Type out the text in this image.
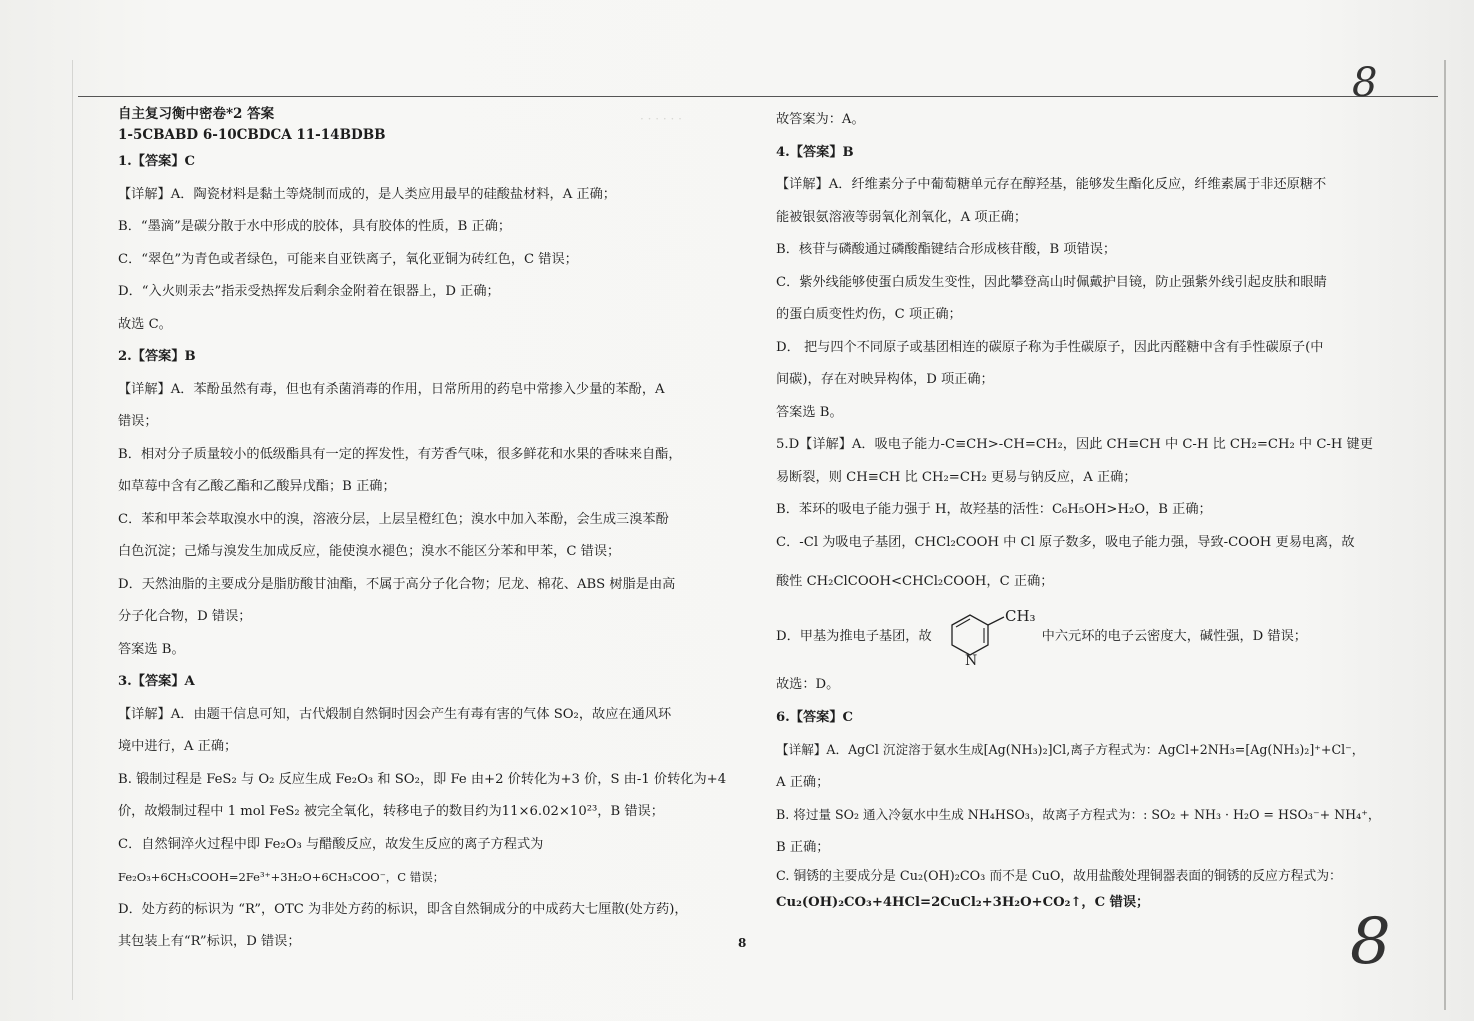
· · · · · ·
8
8

自主复习衡中密卷*2 答案

1-5CBABD 6-10CBDCA 11-14BDBB

1.【答案】C

【详解】A．陶瓷材料是黏土等烧制而成的，是人类应用最早的硅酸盐材料，A 正确；

B．“墨滴”是碳分散于水中形成的胶体，具有胶体的性质，B 正确；

C．“翠色”为青色或者绿色，可能来自亚铁离子，氧化亚铜为砖红色，C 错误；

D．“入火则汞去”指汞受热挥发后剩余金附着在银器上，D 正确；

故选 C。

2.【答案】B

【详解】A．苯酚虽然有毒，但也有杀菌消毒的作用，日常所用的药皂中常掺入少量的苯酚，A

错误；

B．相对分子质量较小的低级酯具有一定的挥发性，有芳香气味，很多鲜花和水果的香味来自酯，

如草莓中含有乙酸乙酯和乙酸异戊酯；B 正确；

C．苯和甲苯会萃取溴水中的溴，溶液分层，上层呈橙红色；溴水中加入苯酚，会生成三溴苯酚

白色沉淀；己烯与溴发生加成反应，能使溴水褪色；溴水不能区分苯和甲苯，C 错误；

D．天然油脂的主要成分是脂肪酸甘油酯，不属于高分子化合物；尼龙、棉花、ABS 树脂是由高

分子化合物，D 错误；

答案选 B。

3.【答案】A

【详解】A．由题干信息可知，古代煅制自然铜时因会产生有毒有害的气体 SO₂，故应在通风环

境中进行，A 正确；

B. 锻制过程是 FeS₂ 与 O₂ 反应生成 Fe₂O₃ 和 SO₂，即 Fe 由+2 价转化为+3 价，S 由-1 价转化为+4

价，故煅制过程中 1 mol FeS₂ 被完全氧化，转移电子的数目约为11×6.02×10²³，B 错误；

C．自然铜淬火过程中即 Fe₂O₃ 与醋酸反应，故发生反应的离子方程式为

Fe₂O₃+6CH₃COOH=2Fe³⁺+3H₂O+6CH₃COO⁻，C 错误；

D．处方药的标识为 “R”，OTC 为非处方药的标识，即含自然铜成分的中成药大七厘散(处方药)，

其包装上有“R”标识，D 错误；

故答案为：A。

4.【答案】B

【详解】A．纤维素分子中葡萄糖单元存在醇羟基，能够发生酯化反应，纤维素属于非还原糖不

能被银氨溶液等弱氧化剂氧化，A 项正确；

B．核苷与磷酸通过磷酸酯键结合形成核苷酸，B 项错误；

C．紫外线能够使蛋白质发生变性，因此攀登高山时佩戴护目镜，防止强紫外线引起皮肤和眼睛

的蛋白质变性灼伤，C 项正确；

D． 把与四个不同原子或基团相连的碳原子称为手性碳原子，因此丙醛糖中含有手性碳原子(中

间碳)，存在对映异构体，D 项正确；

答案选 B。

5.D【详解】A．吸电子能力-C≡CH>-CH=CH₂，因此 CH≡CH 中 C-H 比 CH₂=CH₂ 中 C-H 键更

易断裂，则 CH≡CH 比 CH₂=CH₂ 更易与钠反应，A 正确；

B．苯环的吸电子能力强于 H，故羟基的活性：C₆H₅OH>H₂O，B 正确；

C．-Cl 为吸电子基团，CHCl₂COOH 中 Cl 原子数多，吸电子能力强，导致-COOH 更易电离，故

酸性 CH₂ClCOOH<CHCl₂COOH，C 正确；

D．甲基为推电子基团，故
CH₃
N
中六元环的电子云密度大，碱性强，D 错误；

故选：D。

6.【答案】C

【详解】A．AgCl 沉淀溶于氨水生成[Ag(NH₃)₂]Cl,离子方程式为：AgCl+2NH₃=[Ag(NH₃)₂]⁺+Cl⁻，

A 正确；

B. 将过量 SO₂ 通入冷氨水中生成 NH₄HSO₃，故离子方程式为：: SO₂ + NH₃ · H₂O = HSO₃⁻+ NH₄⁺，

B 正确；

C. 铜锈的主要成分是 Cu₂(OH)₂CO₃ 而不是 CuO，故用盐酸处理铜器表面的铜锈的反应方程式为：

Cu₂(OH)₂CO₃+4HCl=2CuCl₂+3H₂O+CO₂↑，C 错误；

8
